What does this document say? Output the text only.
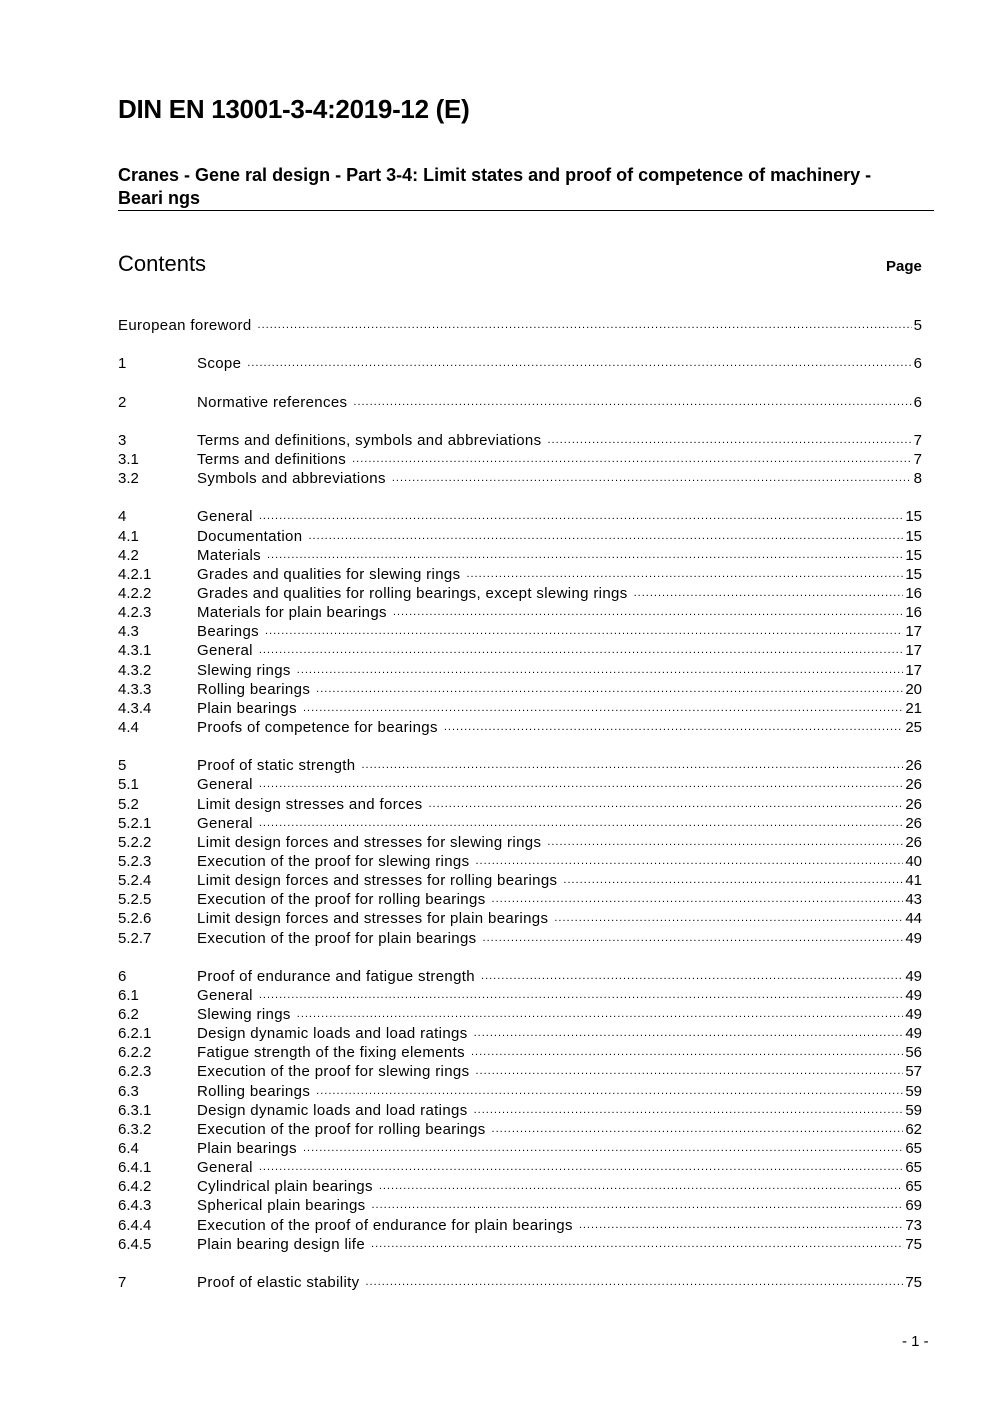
DIN EN 13001-3-4:2019-12 (E)
Cranes - Gene ral design - Part 3-4: Limit states and proof of competence of machinery - Beari ngs
Contents	Page
European foreword .....	5
1	Scope .....	6
2	Normative references .....	6
3	Terms and definitions, symbols and abbreviations .....	7
3.1	Terms and definitions .....	7
3.2	Symbols and abbreviations .....	8
4	General .....	15
4.1	Documentation .....	15
4.2	Materials .....	15
4.2.1	Grades and qualities for slewing rings .....	15
4.2.2	Grades and qualities for rolling bearings, except slewing rings .....	16
4.2.3	Materials for plain bearings .....	16
4.3	Bearings .....	17
4.3.1	General .....	17
4.3.2	Slewing rings .....	17
4.3.3	Rolling bearings .....	20
4.3.4	Plain bearings .....	21
4.4	Proofs of competence for bearings .....	25
5	Proof of static strength .....	26
5.1	General .....	26
5.2	Limit design stresses and forces .....	26
5.2.1	General .....	26
5.2.2	Limit design forces and stresses for slewing rings .....	26
5.2.3	Execution of the proof for slewing rings .....	40
5.2.4	Limit design forces and stresses for rolling bearings .....	41
5.2.5	Execution of the proof for rolling bearings .....	43
5.2.6	Limit design forces and stresses for plain bearings .....	44
5.2.7	Execution of the proof for plain bearings .....	49
6	Proof of endurance and fatigue strength .....	49
6.1	General .....	49
6.2	Slewing rings .....	49
6.2.1	Design dynamic loads and load ratings .....	49
6.2.2	Fatigue strength of the fixing elements .....	56
6.2.3	Execution of the proof for slewing rings .....	57
6.3	Rolling bearings .....	59
6.3.1	Design dynamic loads and load ratings .....	59
6.3.2	Execution of the proof for rolling bearings .....	62
6.4	Plain bearings .....	65
6.4.1	General .....	65
6.4.2	Cylindrical plain bearings .....	65
6.4.3	Spherical plain bearings .....	69
6.4.4	Execution of the proof of endurance for plain bearings .....	73
6.4.5	Plain bearing design life .....	75
7	Proof of elastic stability .....	75
- 1 -
